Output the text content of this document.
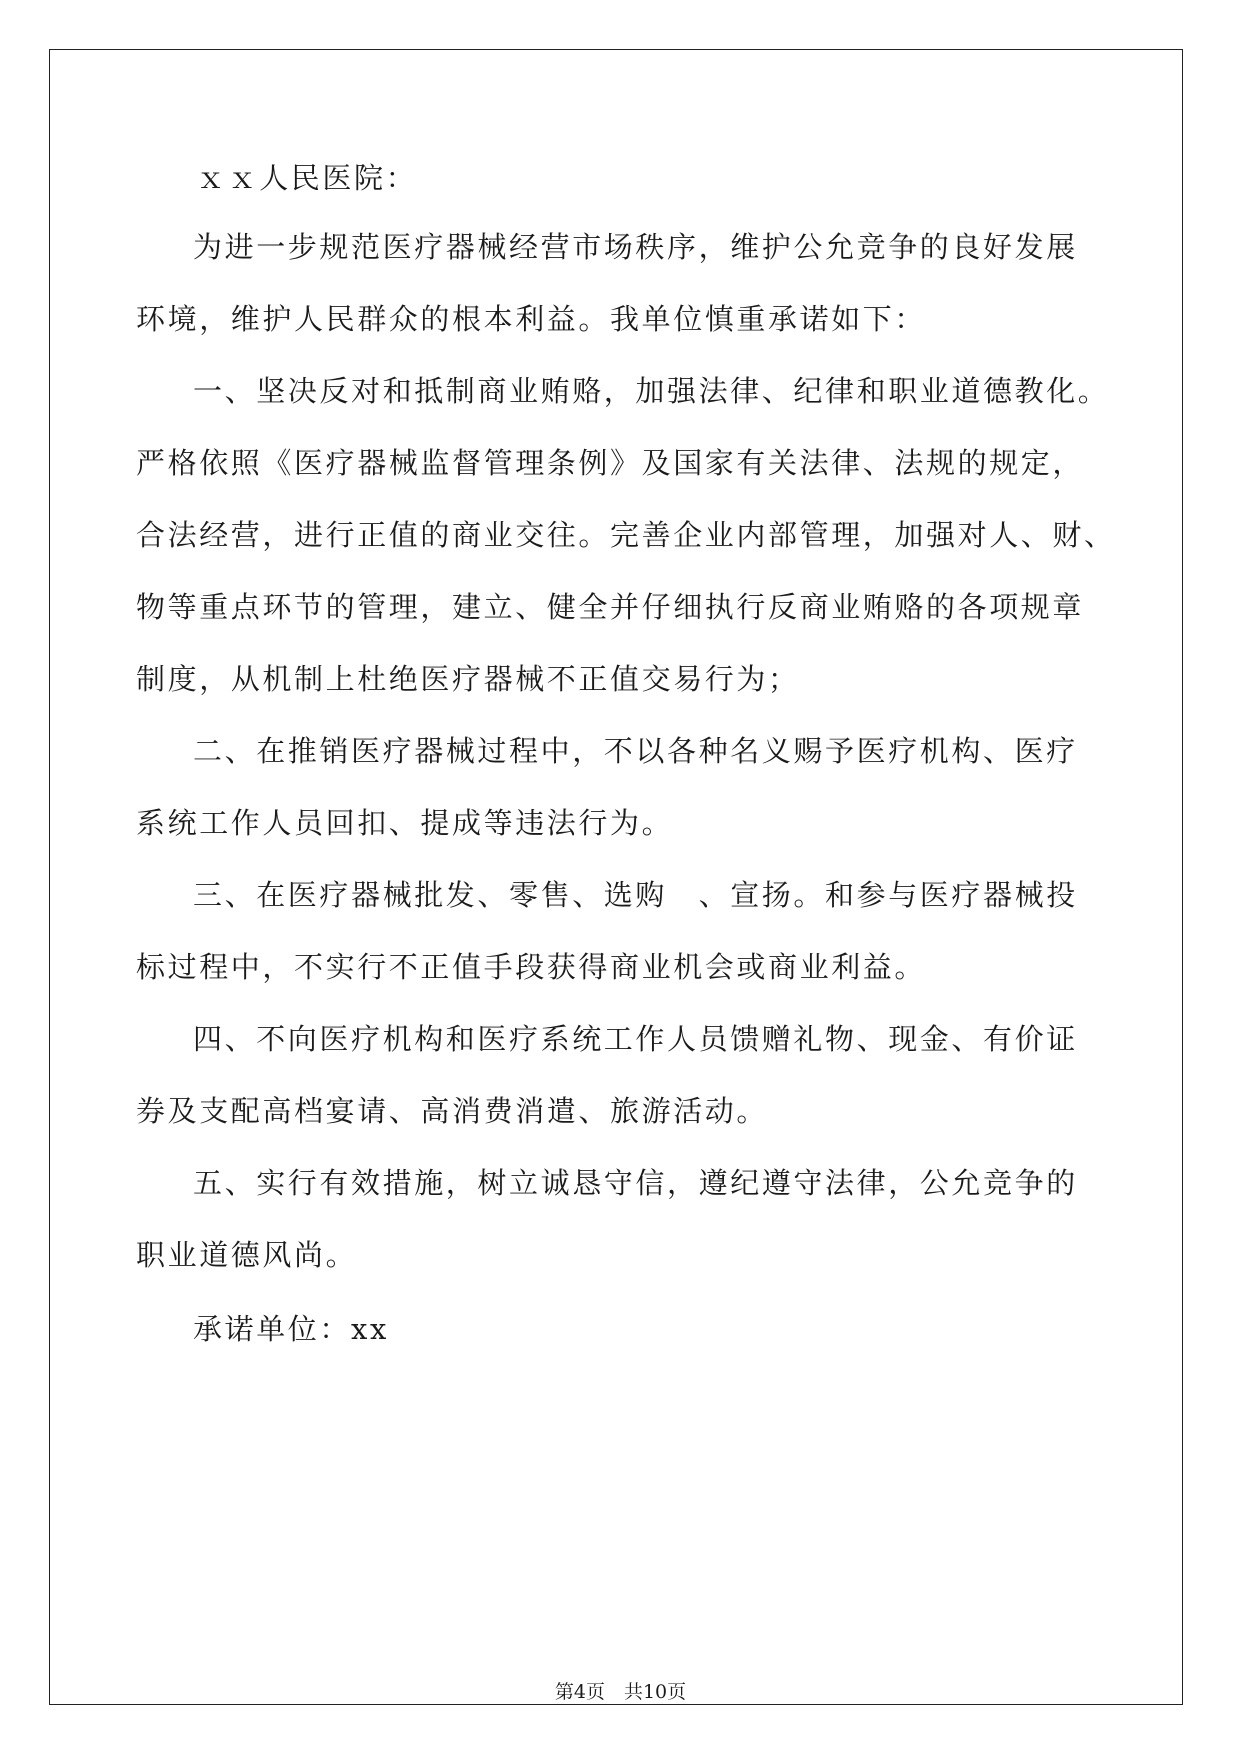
ｘｘ人民医院：
为进一步规范医疗器械经营市场秩序，维护公允竞争的良好发展
环境，维护人民群众的根本利益。我单位慎重承诺如下：
一、坚决反对和抵制商业贿赂，加强法律、纪律和职业道德教化。
严格依照《医疗器械监督管理条例》及国家有关法律、法规的规定，
合法经营，进行正值的商业交往。完善企业内部管理，加强对人、财、
物等重点环节的管理，建立、健全并仔细执行反商业贿赂的各项规章
制度，从机制上杜绝医疗器械不正值交易行为；
二、在推销医疗器械过程中，不以各种名义赐予医疗机构、医疗
系统工作人员回扣、提成等违法行为。
三、在医疗器械批发、零售、选购　、宣扬。和参与医疗器械投
标过程中，不实行不正值手段获得商业机会或商业利益。
四、不向医疗机构和医疗系统工作人员馈赠礼物、现金、有价证
券及支配高档宴请、高消费消遣、旅游活动。
五、实行有效措施，树立诚恳守信，遵纪遵守法律，公允竞争的
职业道德风尚。
承诺单位：xx
第4页　共10页
